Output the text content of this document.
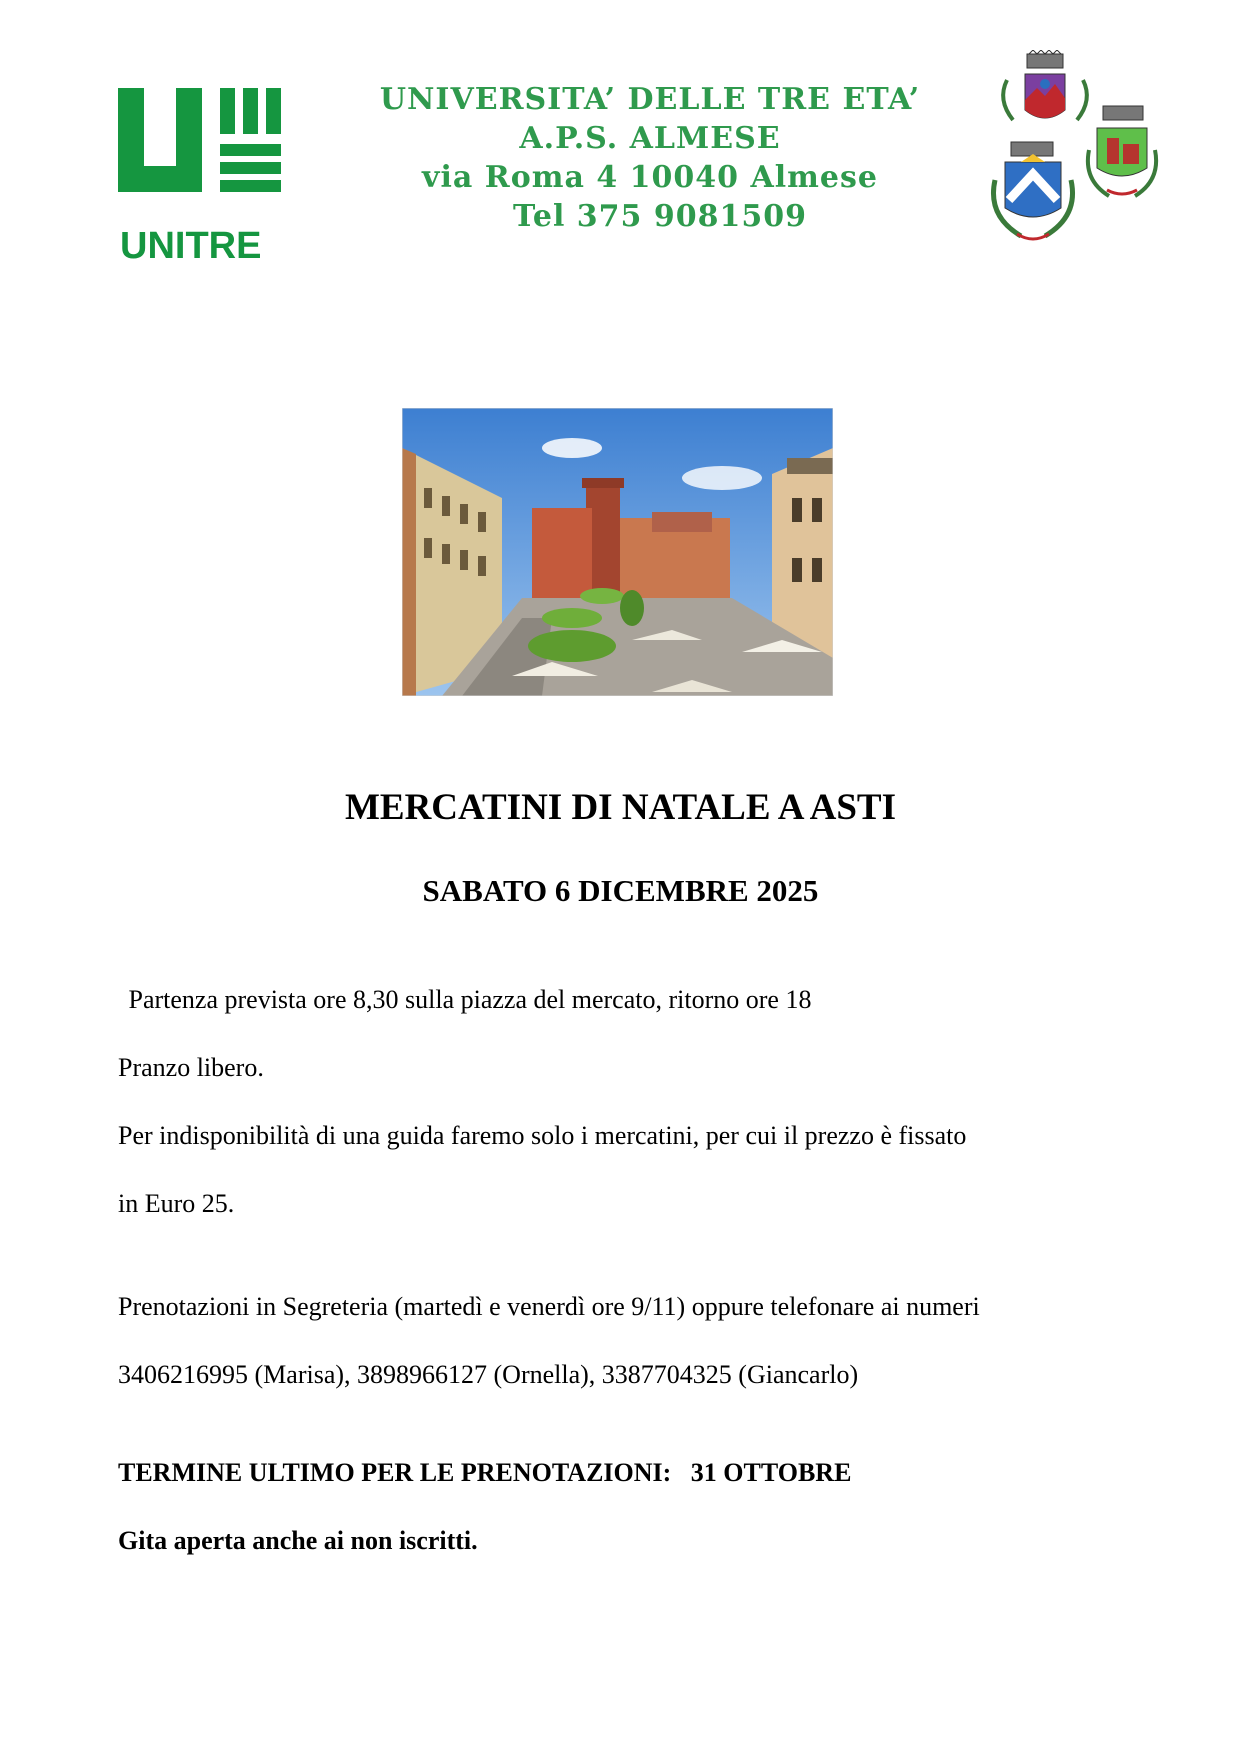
UNITRE
UNIVERSITA’ DELLE TRE ETA’
A.P.S. ALMESE
via Roma 4 10040 Almese
Tel 375 9081509
MERCATINI DI NATALE A ASTI
SABATO 6 DICEMBRE 2025
Partenza prevista ore 8,30 sulla piazza del mercato, ritorno ore 18
Pranzo libero.
Per indisponibilità di una guida faremo solo i mercatini, per cui il prezzo è fissato
in Euro 25.
Prenotazioni in Segreteria (martedì e venerdì ore 9/11) oppure telefonare ai numeri
3406216995 (Marisa), 3898966127 (Ornella), 3387704325 (Giancarlo)
TERMINE ULTIMO PER LE PRENOTAZIONI:   31 OTTOBRE
Gita aperta anche ai non iscritti.
